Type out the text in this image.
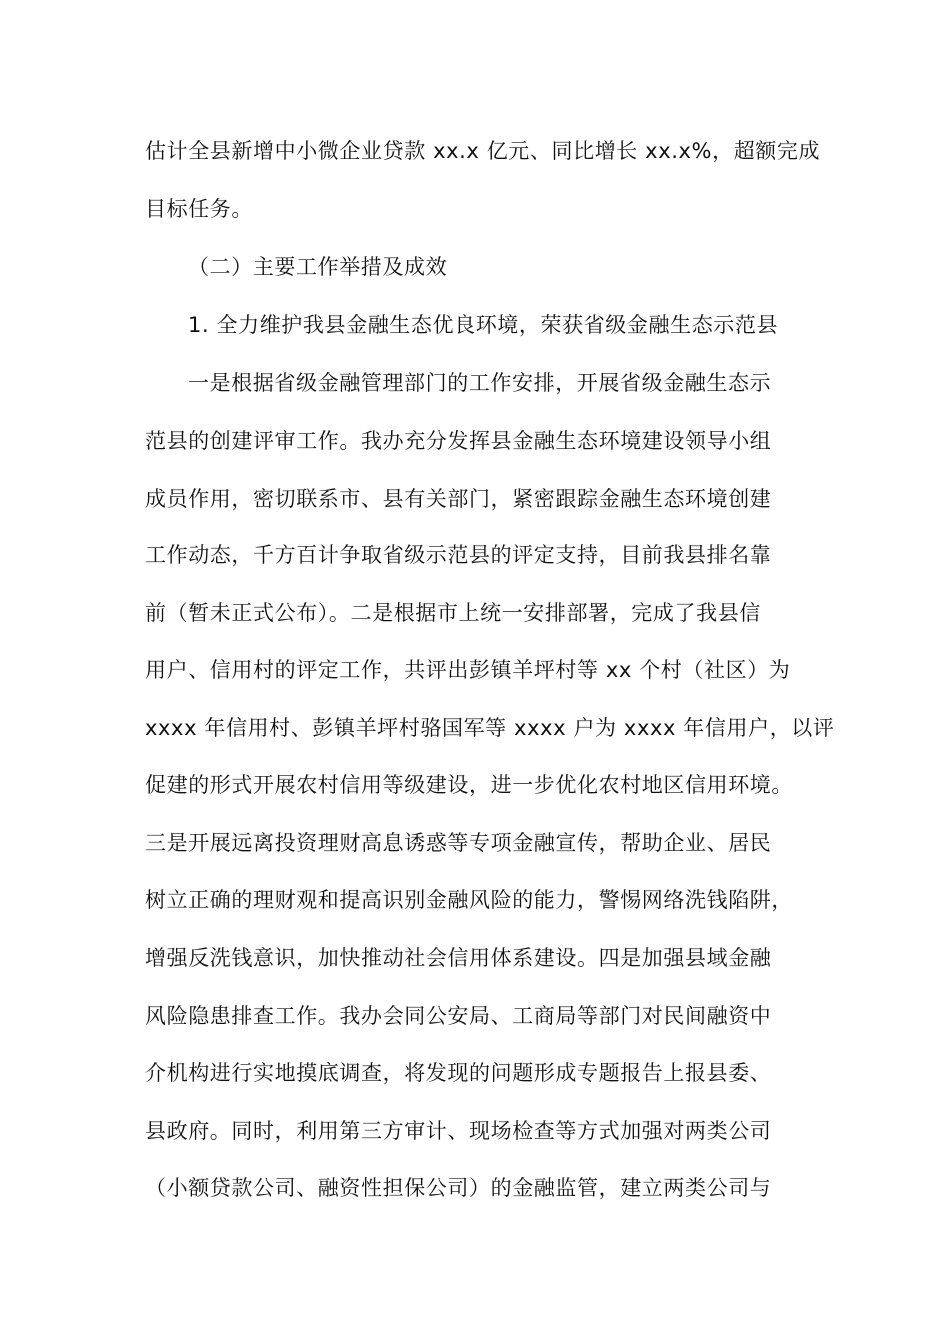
估计全县新增中小微企业贷款 xx.x 亿元、同比增长 xx.x%，超额完成
目标任务。
（二）主要工作举措及成效
1. 全力维护我县金融生态优良环境，荣获省级金融生态示范县
一是根据省级金融管理部门的工作安排，开展省级金融生态示
范县的创建评审工作。我办充分发挥县金融生态环境建设领导小组
成员作用，密切联系市、县有关部门，紧密跟踪金融生态环境创建
工作动态，千方百计争取省级示范县的评定支持，目前我县排名靠
前（暂未正式公布）。二是根据市上统一安排部署，完成了我县信
用户、信用村的评定工作，共评出彭镇羊坪村等 xx 个村（社区）为
xxxx 年信用村、彭镇羊坪村骆国军等 xxxx 户为 xxxx 年信用户，以评
促建的形式开展农村信用等级建设，进一步优化农村地区信用环境。
三是开展远离投资理财高息诱惑等专项金融宣传，帮助企业、居民
树立正确的理财观和提高识别金融风险的能力，警惕网络洗钱陷阱，
增强反洗钱意识，加快推动社会信用体系建设。四是加强县域金融
风险隐患排查工作。我办会同公安局、工商局等部门对民间融资中
介机构进行实地摸底调查，将发现的问题形成专题报告上报县委、
县政府。同时，利用第三方审计、现场检查等方式加强对两类公司
（小额贷款公司、融资性担保公司）的金融监管，建立两类公司与
